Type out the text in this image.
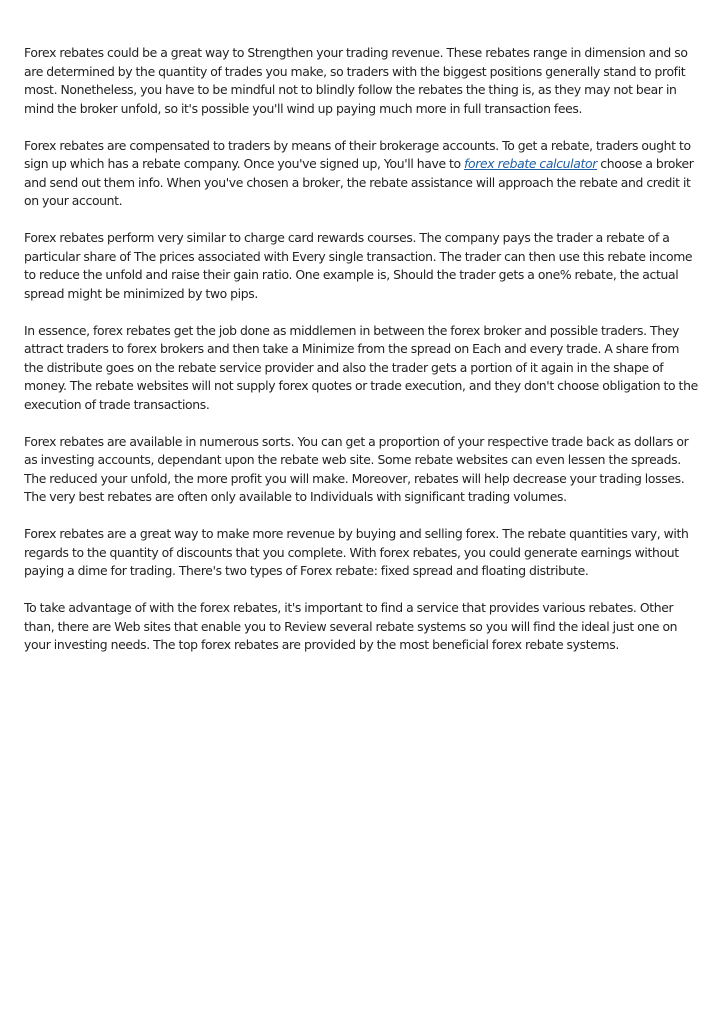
Forex rebates could be a great way to Strengthen your trading revenue. These rebates range in dimension and so are determined by the quantity of trades you make, so traders with the biggest positions generally stand to profit most. Nonetheless, you have to be mindful not to blindly follow the rebates the thing is, as they may not bear in mind the broker unfold, so it's possible you'll wind up paying much more in full transaction fees.

Forex rebates are compensated to traders by means of their brokerage accounts. To get a rebate, traders ought to sign up which has a rebate company. Once you've signed up, You'll have to forex rebate calculator choose a broker and send out them info. When you've chosen a broker, the rebate assistance will approach the rebate and credit it on your account.

Forex rebates perform very similar to charge card rewards courses. The company pays the trader a rebate of a particular share of The prices associated with Every single transaction. The trader can then use this rebate income to reduce the unfold and raise their gain ratio. One example is, Should the trader gets a one% rebate, the actual spread might be minimized by two pips.

In essence, forex rebates get the job done as middlemen in between the forex broker and possible traders. They attract traders to forex brokers and then take a Minimize from the spread on Each and every trade. A share from the distribute goes on the rebate service provider and also the trader gets a portion of it again in the shape of money. The rebate websites will not supply forex quotes or trade execution, and they don't choose obligation to the execution of trade transactions.

Forex rebates are available in numerous sorts. You can get a proportion of your respective trade back as dollars or as investing accounts, dependant upon the rebate web site. Some rebate websites can even lessen the spreads. The reduced your unfold, the more profit you will make. Moreover, rebates will help decrease your trading losses. The very best rebates are often only available to Individuals with significant trading volumes.

Forex rebates are a great way to make more revenue by buying and selling forex. The rebate quantities vary, with regards to the quantity of discounts that you complete. With forex rebates, you could generate earnings without paying a dime for trading. There's two types of Forex rebate: fixed spread and floating distribute.

To take advantage of with the forex rebates, it's important to find a service that provides various rebates. Other than, there are Web sites that enable you to Review several rebate systems so you will find the ideal just one on your investing needs. The top forex rebates are provided by the most beneficial forex rebate systems.
